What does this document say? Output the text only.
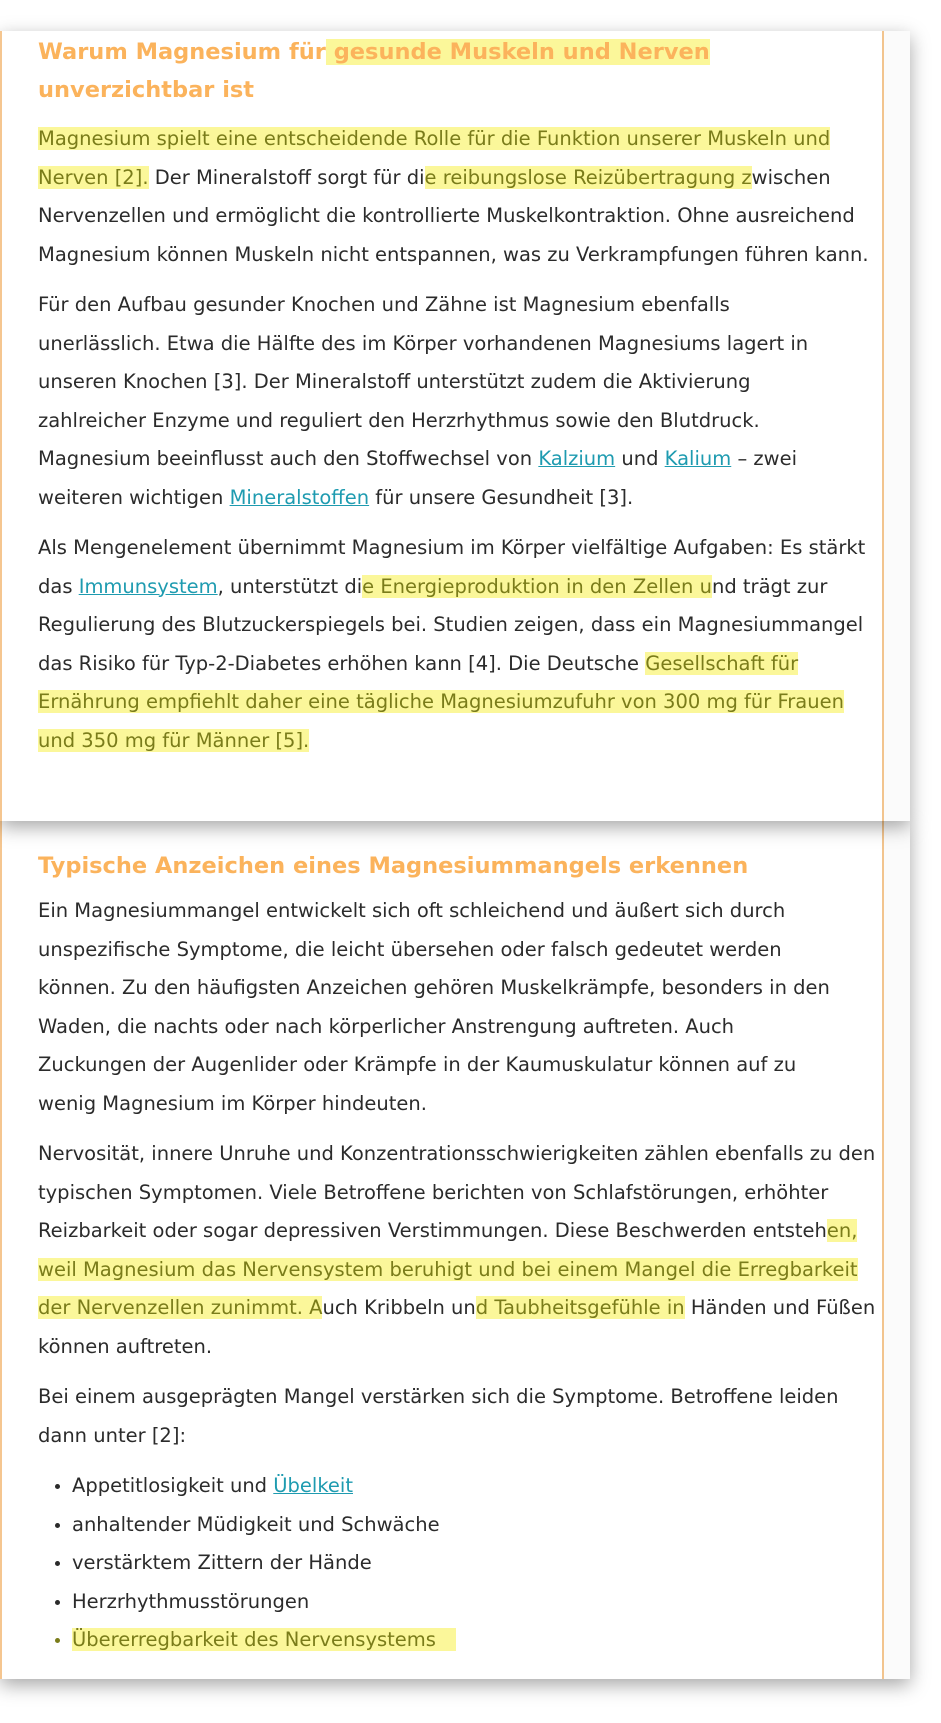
Typische Anzeichen eines Magnesiummangels erkennen

Ein Magnesiummangel entwickelt sich oft schleichend und äußert sich durch unspezifische Symptome, die leicht übersehen oder falsch gedeutet werden können. Zu den häufigsten Anzeichen gehören Muskelkrämpfe, besonders in den Waden, die nachts oder nach körperlicher Anstrengung auftreten. Auch Zuckungen der Augenlider oder Krämpfe in der Kaumuskulatur können auf zu wenig Magnesium im Körper hindeuten.

Nervosität, innere Unruhe und Konzentrationsschwierigkeiten zählen ebenfalls zu den typischen Symptomen. Viele Betroffene berichten von Schlafstörungen, erhöhter Reizbarkeit oder sogar depressiven Verstimmungen. Diese Beschwerden entstehen, weil Magnesium das Nervensystem beruhigt und bei einem Mangel die Erregbarkeit der Nervenzellen zunimmt. Auch Kribbeln und Taubheitsgefühle in Händen und Füßen können auftreten.

Bei einem ausgeprägten Mangel verstärken sich die Symptome. Betroffene leiden dann unter [2]:

• Appetitlosigkeit und Übelkeit
• anhaltender Müdigkeit und Schwäche
• verstärktem Zittern der Hände
• Herzrhythmusstörungen
• Übererregbarkeit des Nervensystems
Warum Magnesium für gesunde Muskeln und Nerven
unverzichtbar ist

Magnesium spielt eine entscheidende Rolle für die Funktion unserer Muskeln und Nerven [2]. Der Mineralstoff sorgt für die reibungslose Reizübertragung zwischen Nervenzellen und ermöglicht die kontrollierte Muskelkontraktion. Ohne ausreichend Magnesium können Muskeln nicht entspannen, was zu Verkrampfungen führen kann.

Für den Aufbau gesunder Knochen und Zähne ist Magnesium ebenfalls unerlässlich. Etwa die Hälfte des im Körper vorhandenen Magnesiums lagert in unseren Knochen [3]. Der Mineralstoff unterstützt zudem die Aktivierung zahlreicher Enzyme und reguliert den Herzrhythmus sowie den Blutdruck. Magnesium beeinflusst auch den Stoffwechsel von Kalzium und Kalium – zwei weiteren wichtigen Mineralstoffen für unsere Gesundheit [3].

Als Mengenelement übernimmt Magnesium im Körper vielfältige Aufgaben: Es stärkt das Immunsystem, unterstützt die Energieproduktion in den Zellen und trägt zur Regulierung des Blutzuckerspiegels bei. Studien zeigen, dass ein Magnesiummangel das Risiko für Typ-2-Diabetes erhöhen kann [4]. Die Deutsche Gesellschaft für Ernährung empfiehlt daher eine tägliche Magnesiumzufuhr von 300 mg für Frauen und 350 mg für Männer [5].
